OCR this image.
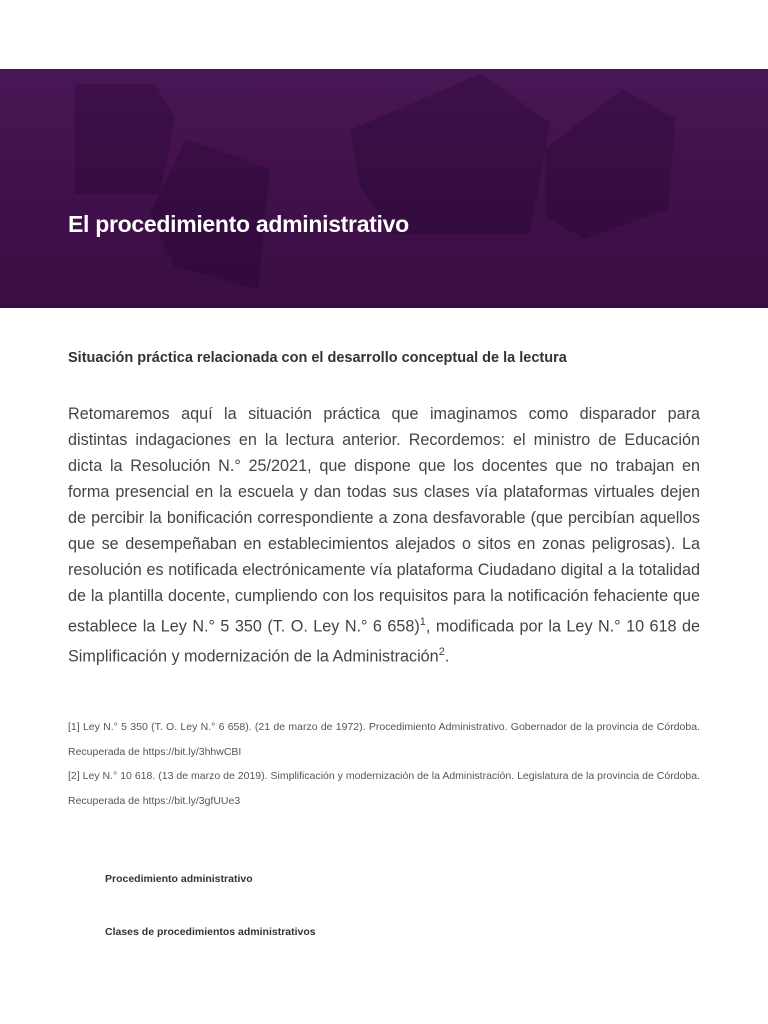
El procedimiento administrativo
Situación práctica relacionada con el desarrollo conceptual de la lectura

Retomaremos aquí la situación práctica que imaginamos como disparador para distintas indagaciones en la lectura anterior. Recordemos: el ministro de Educación dicta la Resolución N.° 25/2021, que dispone que los docentes que no trabajan en forma presencial en la escuela y dan todas sus clases vía plataformas virtuales dejen de percibir la bonificación correspondiente a zona desfavorable (que percibían aquellos que se desempeñaban en establecimientos alejados o sitos en zonas peligrosas). La resolución es notificada electrónicamente vía plataforma Ciudadano digital a la totalidad de la plantilla docente, cumpliendo con los requisitos para la notificación fehaciente que establece la Ley N.° 5 350 (T. O. Ley N.° 6 658)$^1$, modificada por la Ley N.° 10 618 de Simplificación y modernización de la Administración$^2$.

[1] Ley N.° 5 350 (T. O. Ley N.° 6 658). (21 de marzo de 1972). Procedimiento Administrativo. Gobernador de la provincia de Córdoba. Recuperada de https://bit.ly/3hhwCBI

[2] Ley N.° 10 618. (13 de marzo de 2019). Simplificación y modernización de la Administración. Legislatura de la provincia de Córdoba. Recuperada de https://bit.ly/3gfUUe3

Procedimiento administrativo
Clases de procedimientos administrativos
